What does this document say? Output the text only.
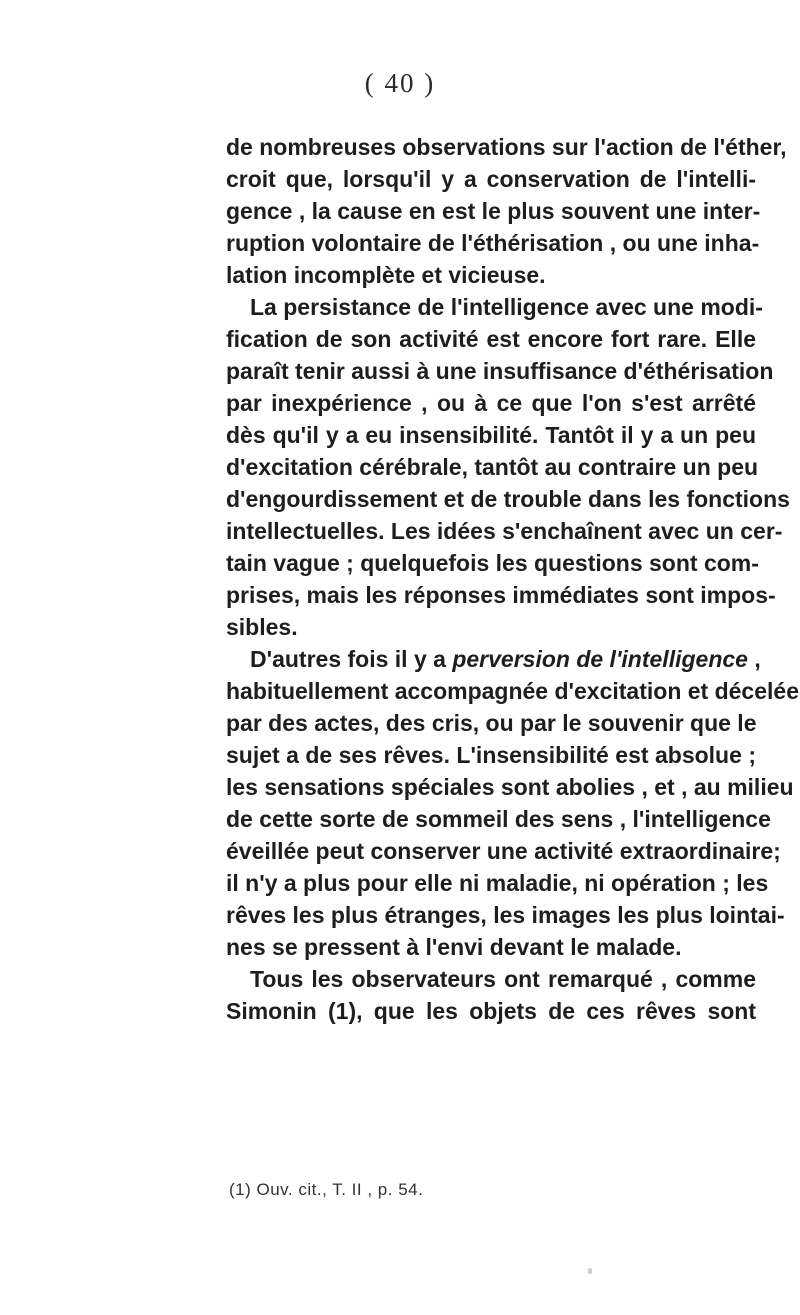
( 40 )
de nombreuses observations sur l'action de l'éther,
croit que, lorsqu'il y a conservation de l'intelli-
gence , la cause en est le plus souvent une inter-
ruption volontaire de l'éthérisation , ou une inha-
lation incomplète et vicieuse.
La persistance de l'intelligence avec une modi-
fication de son activité est encore fort rare. Elle
paraît tenir aussi à une insuffisance d'éthérisation
par inexpérience , ou à ce que l'on s'est arrêté
dès qu'il y a eu insensibilité. Tantôt il y a un peu
d'excitation cérébrale, tantôt au contraire un peu
d'engourdissement et de trouble dans les fonctions
intellectuelles. Les idées s'enchaînent avec un cer-
tain vague ; quelquefois les questions sont com-
prises, mais les réponses immédiates sont impos-
sibles.
D'autres fois il y a perversion de l'intelligence ,
habituellement accompagnée d'excitation et décelée
par des actes, des cris, ou par le souvenir que le
sujet a de ses rêves. L'insensibilité est absolue ;
les sensations spéciales sont abolies , et , au milieu
de cette sorte de sommeil des sens , l'intelligence
éveillée peut conserver une activité extraordinaire;
il n'y a plus pour elle ni maladie, ni opération ; les
rêves les plus étranges, les images les plus lointai-
nes se pressent à l'envi devant le malade.
Tous les observateurs ont remarqué , comme
Simonin (1), que les objets de ces rêves sont
(1) Ouv. cit., T. II , p. 54.
